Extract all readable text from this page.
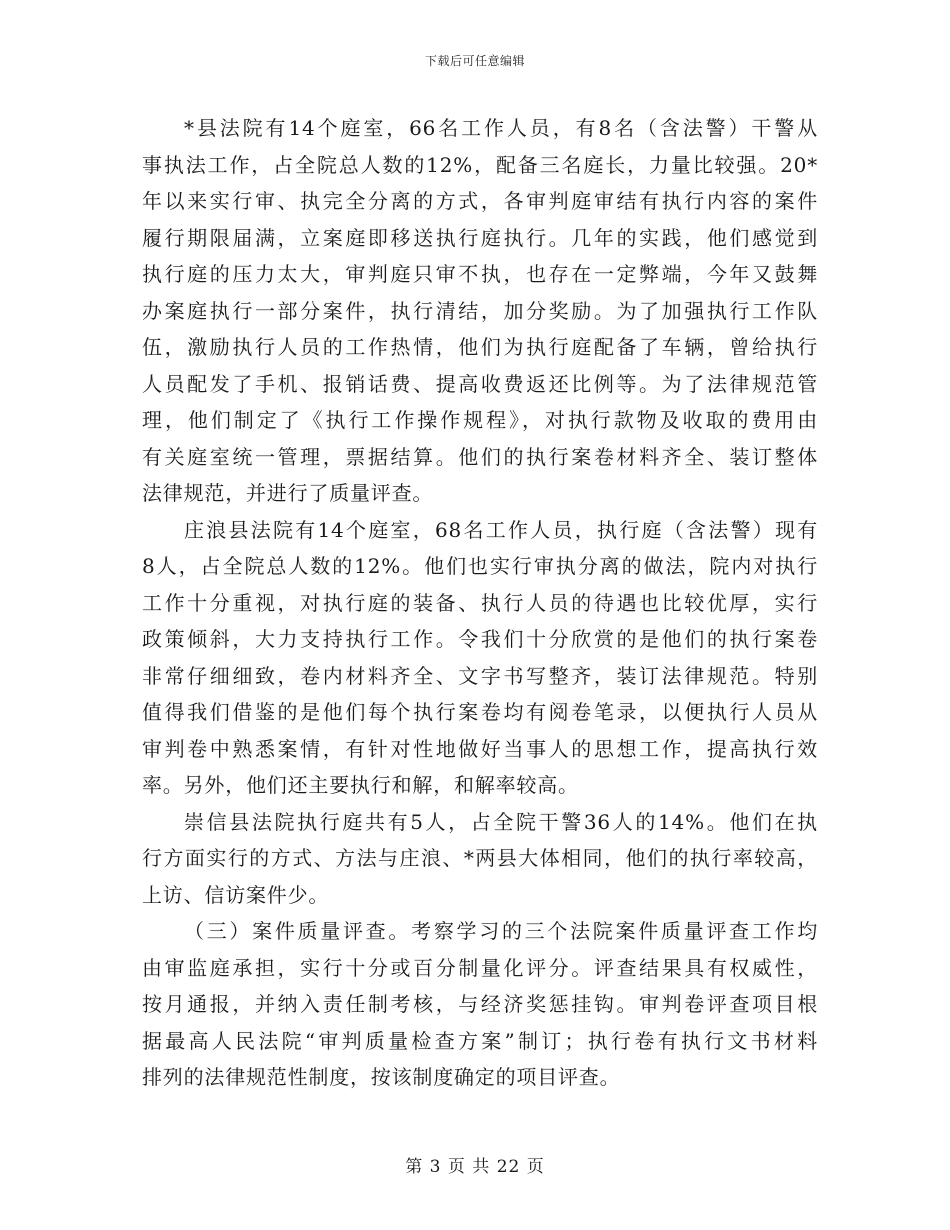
下载后可任意编辑
*县法院有14个庭室，66名工作人员，有8名（含法警）干警从
事执法工作，占全院总人数的12%，配备三名庭长，力量比较强。20*
年以来实行审、执完全分离的方式，各审判庭审结有执行内容的案件
履行期限届满，立案庭即移送执行庭执行。几年的实践，他们感觉到
执行庭的压力太大，审判庭只审不执，也存在一定弊端，今年又鼓舞
办案庭执行一部分案件，执行清结，加分奖励。为了加强执行工作队
伍，激励执行人员的工作热情，他们为执行庭配备了车辆，曾给执行
人员配发了手机、报销话费、提高收费返还比例等。为了法律规范管
理，他们制定了《执行工作操作规程》，对执行款物及收取的费用由
有关庭室统一管理，票据结算。他们的执行案卷材料齐全、装订整体
法律规范，并进行了质量评查。
庄浪县法院有14个庭室，68名工作人员，执行庭（含法警）现有
8人，占全院总人数的12%。他们也实行审执分离的做法，院内对执行
工作十分重视，对执行庭的装备、执行人员的待遇也比较优厚，实行
政策倾斜，大力支持执行工作。令我们十分欣赏的是他们的执行案卷
非常仔细细致，卷内材料齐全、文字书写整齐，装订法律规范。特别
值得我们借鉴的是他们每个执行案卷均有阅卷笔录，以便执行人员从
审判卷中熟悉案情，有针对性地做好当事人的思想工作，提高执行效
率。另外，他们还主要执行和解，和解率较高。
崇信县法院执行庭共有5人，占全院干警36人的14%。他们在执
行方面实行的方式、方法与庄浪、*两县大体相同，他们的执行率较高，
上访、信访案件少。
（三）案件质量评查。考察学习的三个法院案件质量评查工作均
由审监庭承担，实行十分或百分制量化评分。评查结果具有权威性，
按月通报，并纳入责任制考核，与经济奖惩挂钩。审判卷评查项目根
据最高人民法院“审判质量检查方案”制订；执行卷有执行文书材料
排列的法律规范性制度，按该制度确定的项目评查。
第 3 页 共 22 页
